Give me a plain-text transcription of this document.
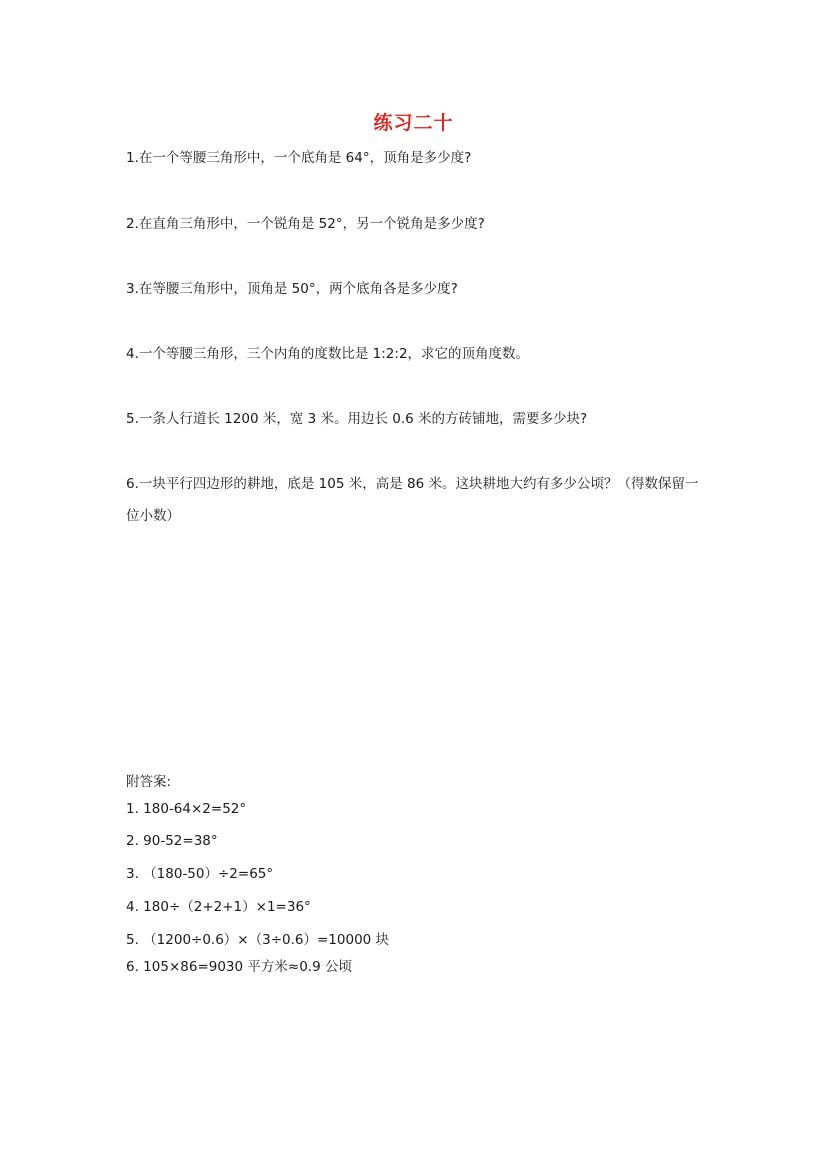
练习二十
1.在一个等腰三角形中，一个底角是 64°，顶角是多少度?
2.在直角三角形中，一个锐角是 52°，另一个锐角是多少度?
3.在等腰三角形中，顶角是 50°，两个底角各是多少度?
4.一个等腰三角形，三个内角的度数比是 1:2:2，求它的顶角度数。
5.一条人行道长 1200 米，宽 3 米。用边长 0.6 米的方砖铺地，需要多少块?
6.一块平行四边形的耕地，底是 105 米，高是 86 米。这块耕地大约有多少公顷？（得数保留一位小数）
附答案:
1. 180-64×2=52°
2. 90-52=38°
3. （180-50）÷2=65°
4. 180÷（2+2+1）×1=36°
5. （1200÷0.6）×（3÷0.6）=10000 块
6. 105×86=9030 平方米≈0.9 公顷
